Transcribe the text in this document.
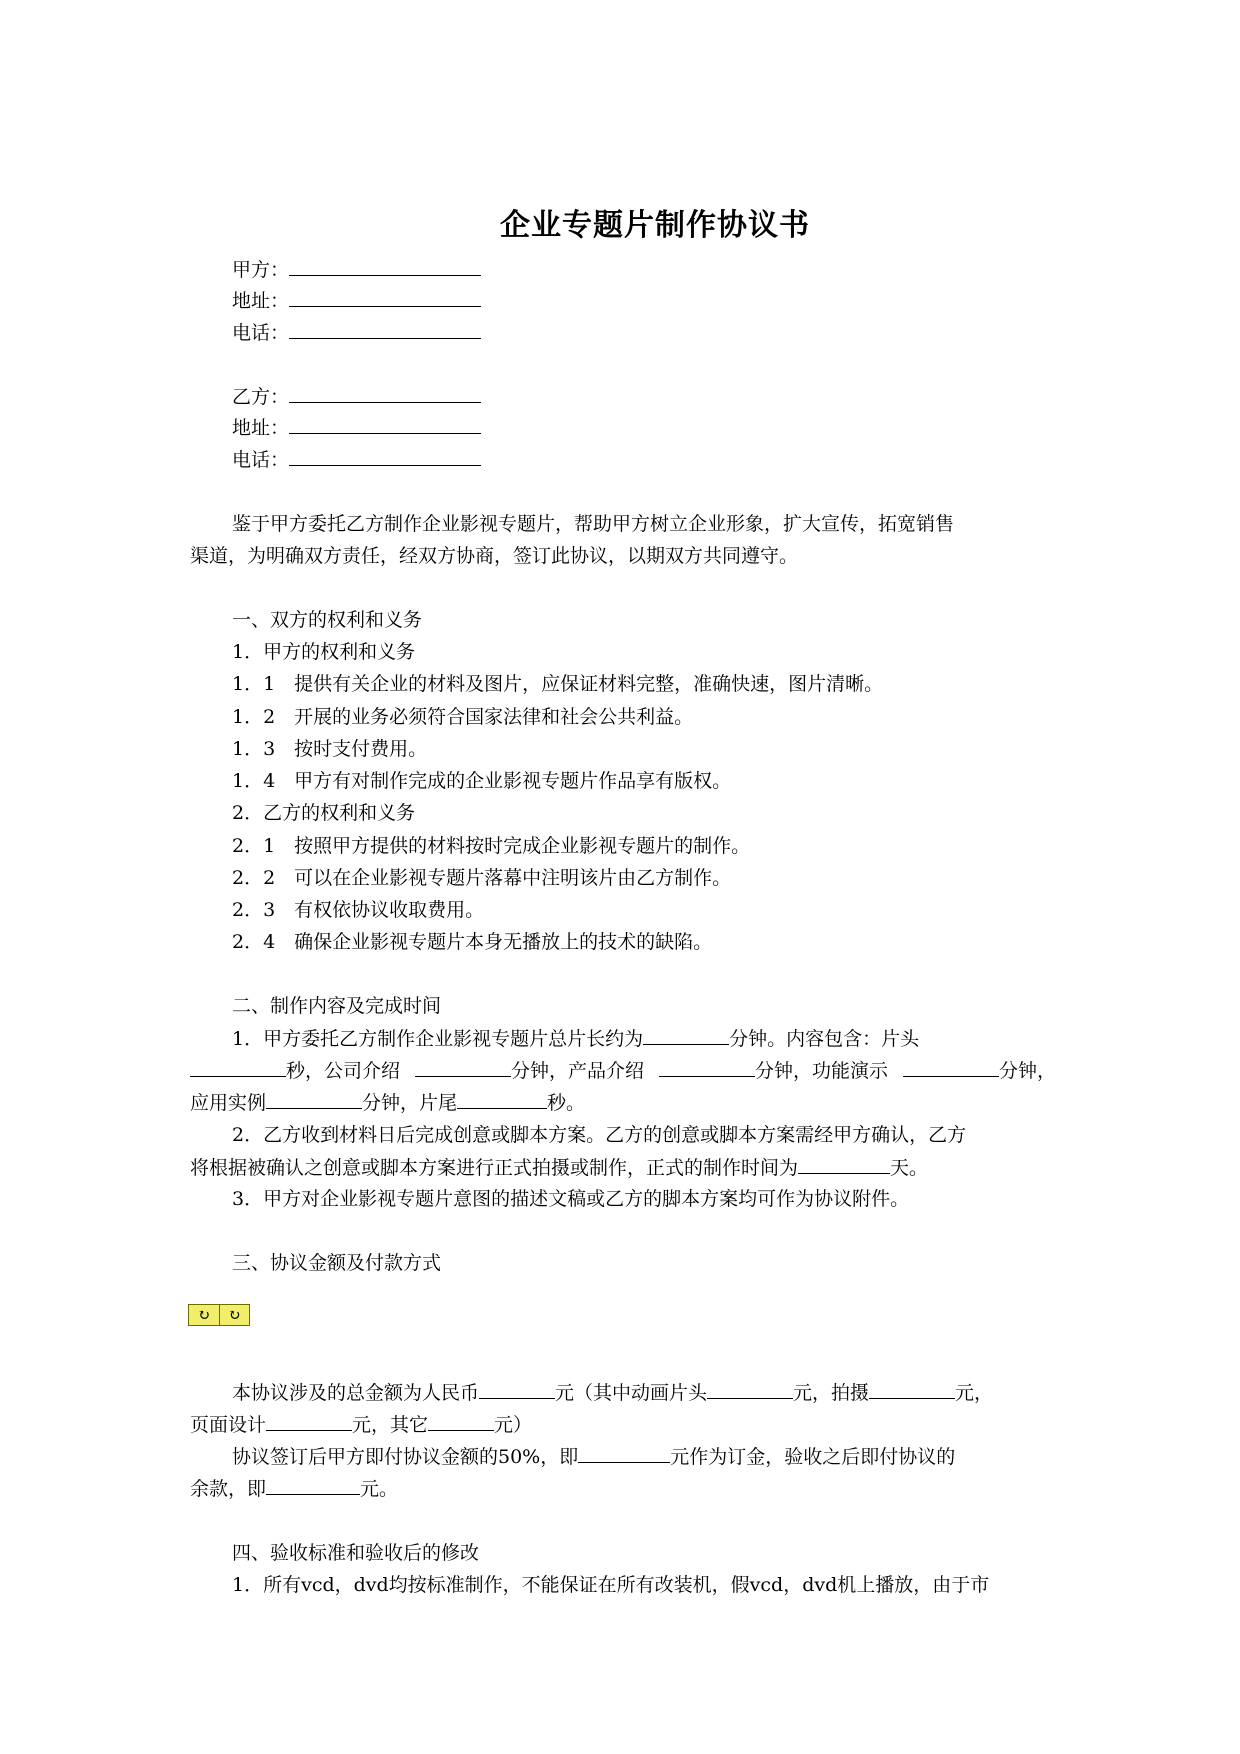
企业专题片制作协议书
甲方：
地址：
电话：
乙方：
地址：
电话：
鉴于甲方委托乙方制作企业影视专题片，帮助甲方树立企业形象，扩大宣传，拓宽销售
渠道，为明确双方责任，经双方协商，签订此协议，以期双方共同遵守。
一、双方的权利和义务
1．甲方的权利和义务
1．1　提供有关企业的材料及图片，应保证材料完整，准确快速，图片清晰。
1．2　开展的业务必须符合国家法律和社会公共利益。
1．3　按时支付费用。
1．4　甲方有对制作完成的企业影视专题片作品享有版权。
2．乙方的权利和义务
2．1　按照甲方提供的材料按时完成企业影视专题片的制作。
2．2　可以在企业影视专题片落幕中注明该片由乙方制作。
2．3　有权依协议收取费用。
2．4　确保企业影视专题片本身无播放上的技术的缺陷。
二、制作内容及完成时间
1．甲方委托乙方制作企业影视专题片总片长约为	分钟。内容包含：片头
秒，公司介绍	分钟，产品介绍	分钟，功能演示	分钟，
应用实例	分钟，片尾	秒。
2．乙方收到材料日后完成创意或脚本方案。乙方的创意或脚本方案需经甲方确认，乙方
将根据被确认之创意或脚本方案进行正式拍摄或制作，正式的制作时间为	天。
3．甲方对企业影视专题片意图的描述文稿或乙方的脚本方案均可作为协议附件。
三、协议金额及付款方式
↻	↻
本协议涉及的总金额为人民币	元（其中动画片头	元，拍摄	元，
页面设计	元，其它	元）
协议签订后甲方即付协议金额的50%，即	元作为订金，验收之后即付协议的
余款，即	元。
四、验收标准和验收后的修改
1．所有vcd，dvd均按标准制作，不能保证在所有改装机，假vcd，dvd机上播放，由于市
